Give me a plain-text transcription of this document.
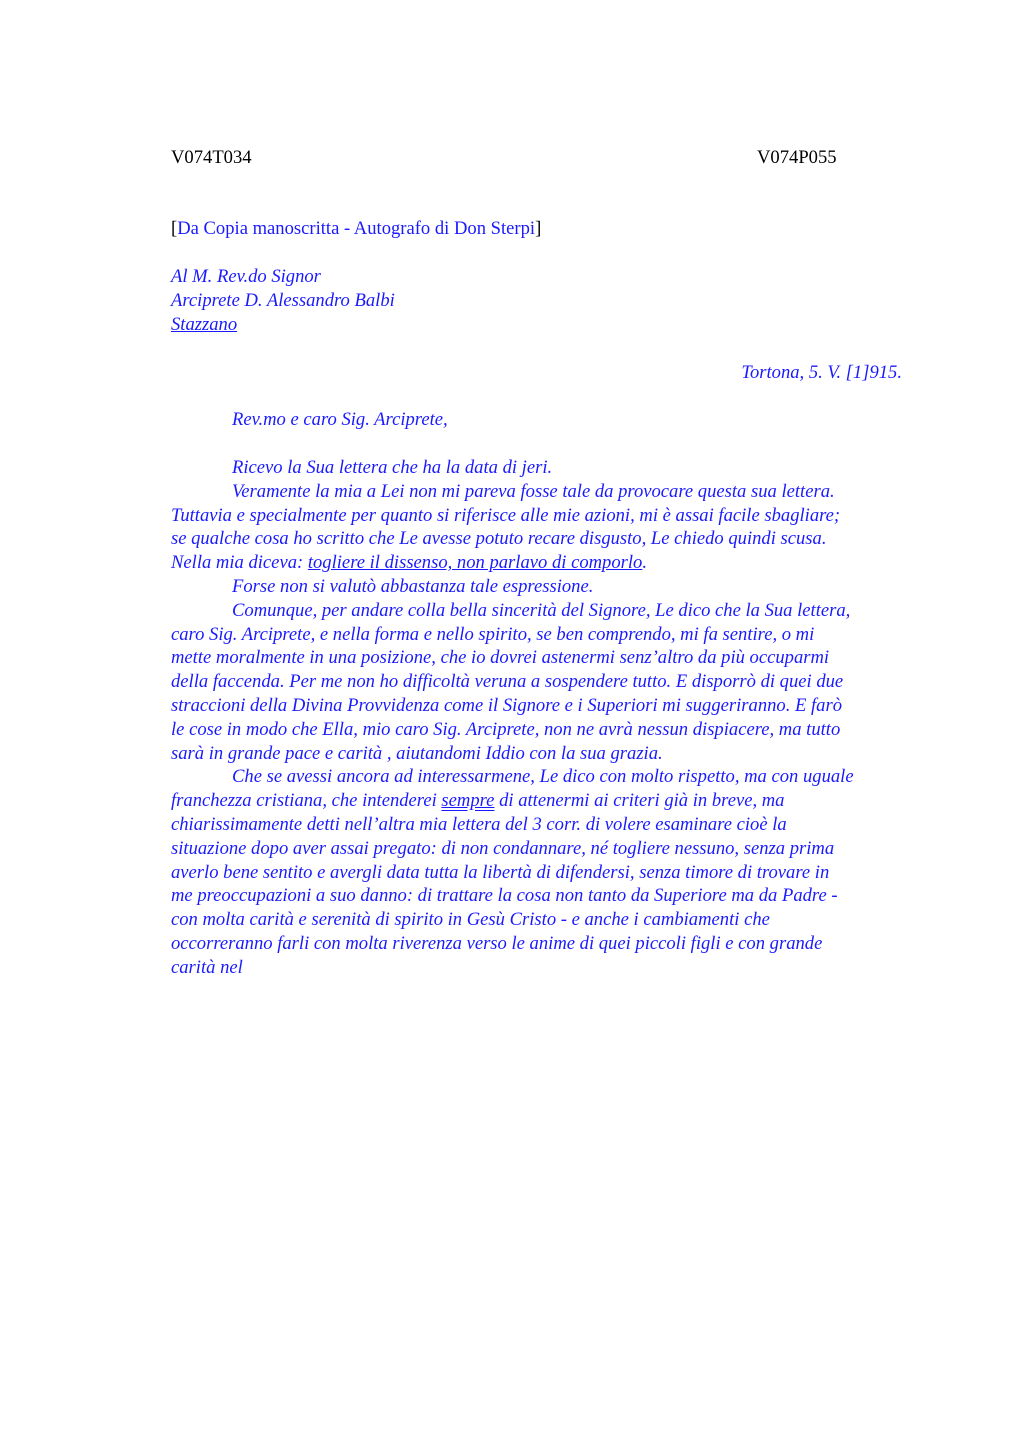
V074T034	V074P055
[Da Copia manoscritta - Autografo di Don Sterpi]
Al M. Rev.do Signor
Arciprete D. Alessandro Balbi
Stazzano
Tortona, 5. V. [1]915.
Rev.mo e caro Sig. Arciprete,
Ricevo la Sua lettera che ha la data di jeri.
Veramente la mia a Lei non mi pareva fosse tale da provocare questa sua lettera.
Tuttavia e specialmente per quanto si riferisce alle mie azioni, mi è assai facile sbagliare;
se qualche cosa ho scritto che Le avesse potuto recare disgusto, Le chiedo quindi scusa.
Nella mia diceva: togliere il dissenso, non parlavo di comporlo.
Forse non si valutò abbastanza tale espressione.
Comunque, per andare colla bella sincerità del Signore, Le dico che la Sua lettera,
caro Sig. Arciprete, e nella forma e nello spirito, se ben comprendo, mi fa sentire, o mi
mette moralmente in una posizione, che io dovrei astenermi senz’altro da più occuparmi
della faccenda. Per me non ho difficoltà veruna a sospendere tutto. E disporrò di quei due
straccioni della Divina Provvidenza come il Signore e i Superiori mi suggeriranno. E farò
le cose in modo che Ella, mio caro Sig. Arciprete, non ne avrà nessun dispiacere, ma tutto
sarà in grande pace e carità , aiutandomi Iddio con la sua grazia.
Che se avessi ancora ad interessarmene, Le dico con molto rispetto, ma con uguale
franchezza cristiana, che intenderei sempre di attenermi ai criteri già in breve, ma
chiarissimamente detti nell’altra mia lettera del 3 corr. di volere esaminare cioè la
situazione dopo aver assai pregato: di non condannare, né togliere nessuno, senza prima
averlo bene sentito e avergli data tutta la libertà di difendersi, senza timore di trovare in
me preoccupazioni a suo danno: di trattare la cosa non tanto da Superiore ma da Padre -
con molta carità e serenità di spirito in Gesù Cristo - e anche i cambiamenti che
occorreranno farli con molta riverenza verso le anime di quei piccoli figli e con grande
carità nel
